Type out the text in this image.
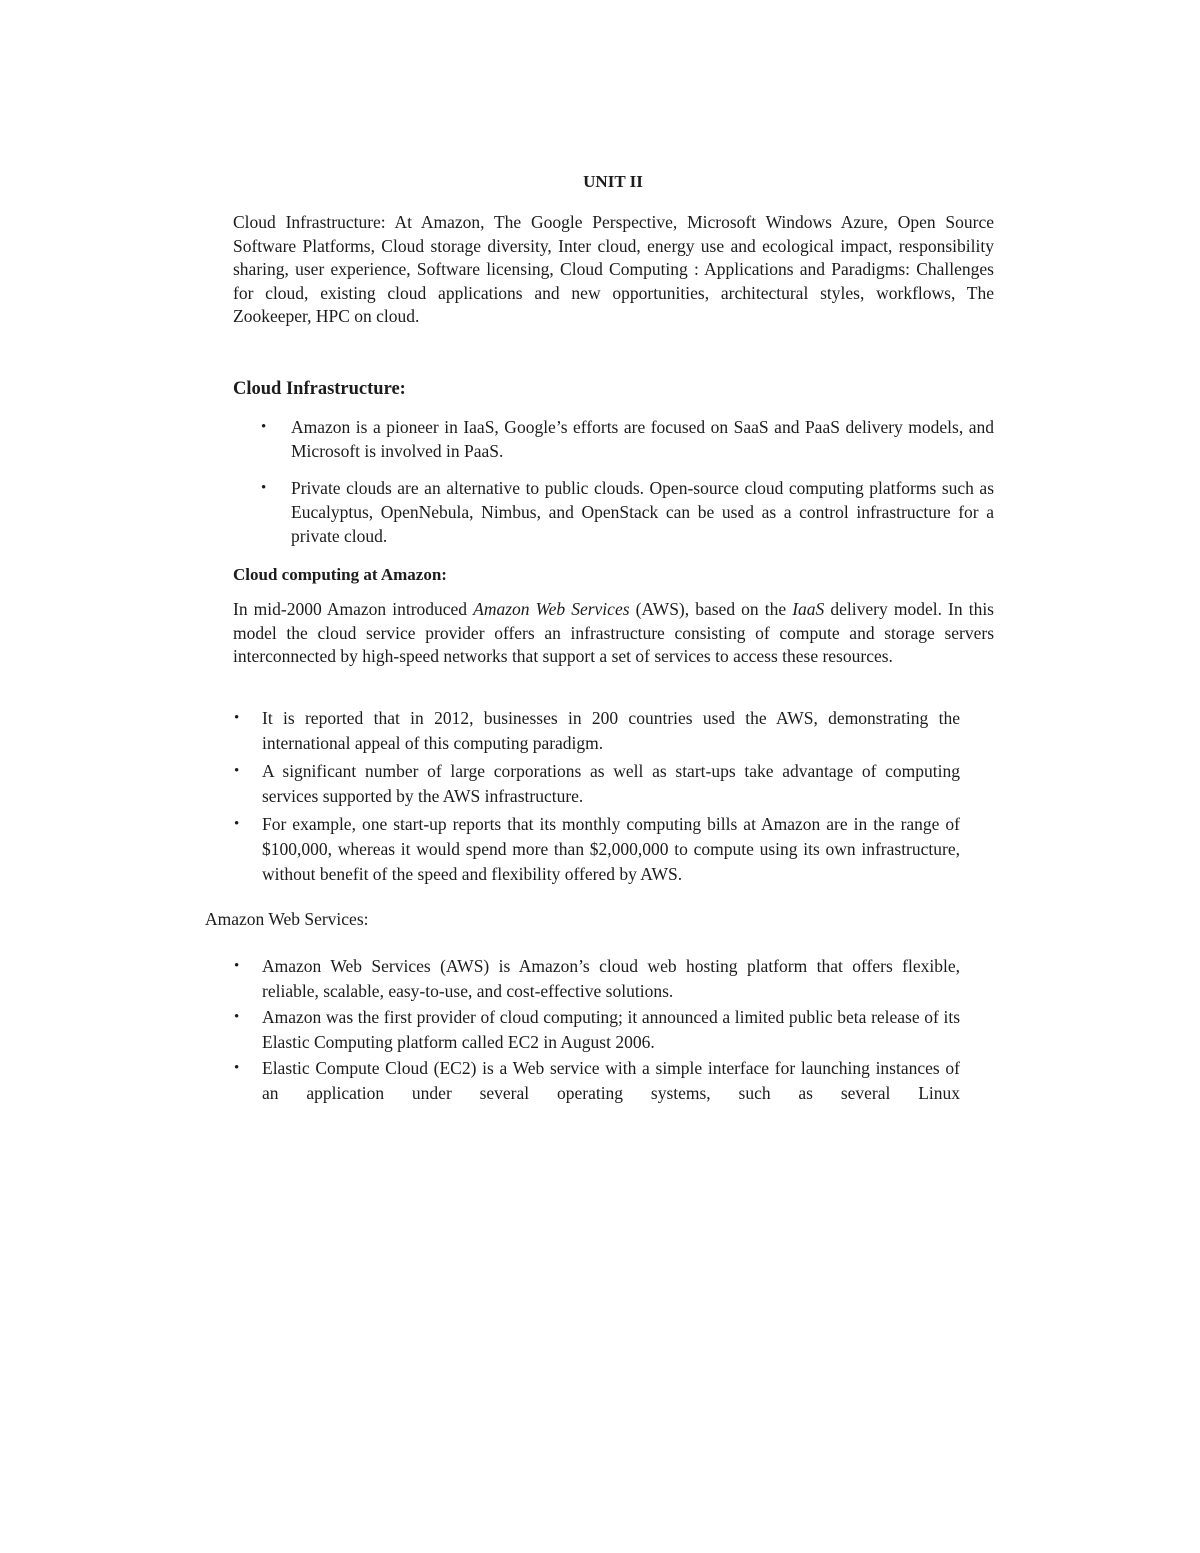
UNIT II

Cloud Infrastructure: At Amazon, The Google Perspective, Microsoft Windows Azure, Open Source Software Platforms, Cloud storage diversity, Inter cloud, energy use and ecological impact, responsibility sharing, user experience, Software licensing, Cloud Computing : Applications and Paradigms: Challenges for cloud, existing cloud applications and new opportunities, architectural styles, workflows, The Zookeeper, HPC on cloud.

Cloud Infrastructure:
• Amazon is a pioneer in IaaS, Google’s efforts are focused on SaaS and PaaS delivery models, and Microsoft is involved in PaaS.
• Private clouds are an alternative to public clouds. Open-source cloud computing platforms such as Eucalyptus, OpenNebula, Nimbus, and OpenStack can be used as a control infrastructure for a private cloud.
Cloud computing at Amazon:

In mid-2000 Amazon introduced Amazon Web Services (AWS), based on the IaaS delivery model. In this model the cloud service provider offers an infrastructure consisting of compute and storage servers interconnected by high-speed networks that support a set of services to access these resources.

• It is reported that in 2012, businesses in 200 countries used the AWS, demonstrating the international appeal of this computing paradigm.
• A significant number of large corporations as well as start-ups take advantage of computing services supported by the AWS infrastructure.
• For example, one start-up reports that its monthly computing bills at Amazon are in the range of $100,000, whereas it would spend more than $2,000,000 to compute using its own infrastructure, without benefit of the speed and flexibility offered by AWS.
Amazon Web Services:
• Amazon Web Services (AWS) is Amazon’s cloud web hosting platform that offers flexible, reliable, scalable, easy-to-use, and cost-effective solutions.
• Amazon was the first provider of cloud computing; it announced a limited public beta release of its Elastic Computing platform called EC2 in August 2006.
• Elastic Compute Cloud (EC2) is a Web service with a simple interface for launching instances of an application under several operating systems, such as several Linux
